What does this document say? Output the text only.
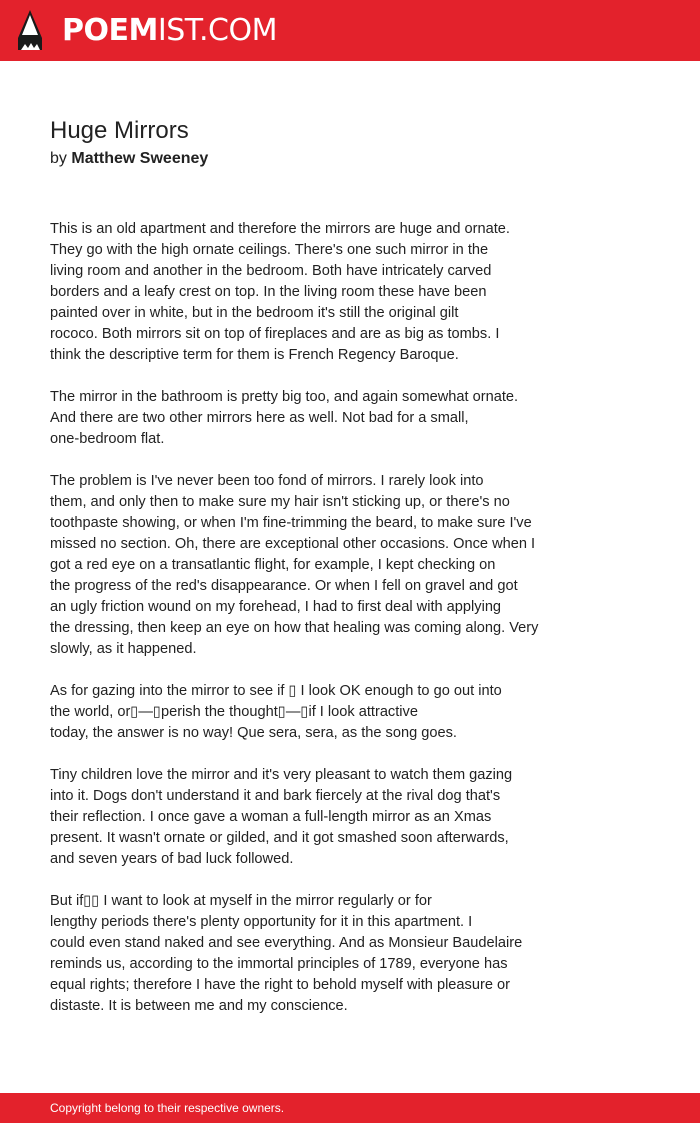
POEMIST.COM
Huge Mirrors
by Matthew Sweeney
This is an old apartment and therefore the mirrors are huge and ornate.
They go with the high ornate ceilings. There's one such mirror in the
living room and another in the bedroom. Both have intricately carved
borders and a leafy crest on top. In the living room these have been
painted over in white, but in the bedroom it's still the original gilt
rococo. Both mirrors sit on top of fireplaces and are as big as tombs. I
think the descriptive term for them is French Regency Baroque.
The mirror in the bathroom is pretty big too, and again somewhat ornate.
And there are two other mirrors here as well. Not bad for a small,
one-bedroom flat.
The problem is I've never been too fond of mirrors. I rarely look into
them, and only then to make sure my hair isn't sticking up, or there's no
toothpaste showing, or when I'm fine-trimming the beard, to make sure I've
missed no section. Oh, there are exceptional other occasions. Once when I
got a red eye on a transatlantic flight, for example, I kept checking on
the progress of the red's disappearance. Or when I fell on gravel and got
an ugly friction wound on my forehead, I had to first deal with applying
the dressing, then keep an eye on how that healing was coming along. Very
slowly, as it happened.
As for gazing into the mirror to see if ▯ I look OK enough to go out into
the world, or▯—▯perish the thought▯—▯if I look attractive
today, the answer is no way! Que sera, sera, as the song goes.
Tiny children love the mirror and it's very pleasant to watch them gazing
into it. Dogs don't understand it and bark fiercely at the rival dog that's
their reflection. I once gave a woman a full-length mirror as an Xmas
present. It wasn't ornate or gilded, and it got smashed soon afterwards,
and seven years of bad luck followed.
But if▯▯ I want to look at myself in the mirror regularly or for
lengthy periods there's plenty opportunity for it in this apartment. I
could even stand naked and see everything. And as Monsieur Baudelaire
reminds us, according to the immortal principles of 1789, everyone has
equal rights; therefore I have the right to behold myself with pleasure or
distaste. It is between me and my conscience.
Copyright belong to their respective owners.
